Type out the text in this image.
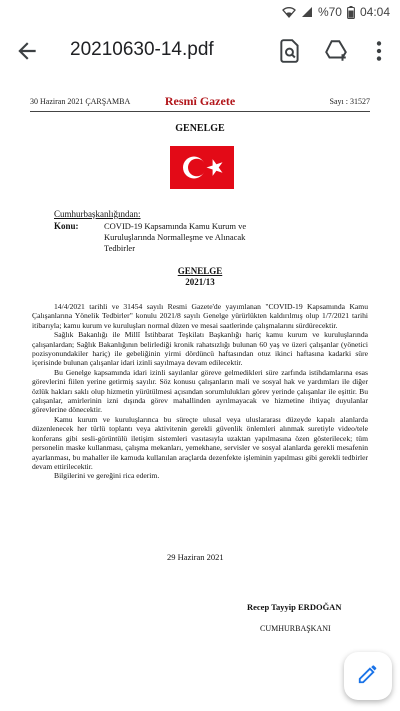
%70 04:04
20210630-14.pdf
30 Haziran 2021 ÇARŞAMBA	Resmî Gazete	Sayı : 31527
GENELGE
Cumhurbaşkanlığından:
Konu:	COVID-19 Kapsamında Kamu Kurum ve Kuruluşlarında Normalleşme ve Alınacak Tedbirler
GENELGE
2021/13

14/4/2021 tarihli ve 31454 sayılı Resmi Gazete'de yayımlanan "COVID-19 Kapsamında Kamu Çalışanlarına Yönelik Tedbirler" konulu 2021/8 sayılı Genelge yürürlükten kaldırılmış olup 1/7/2021 tarihi itibarıyla; kamu kurum ve kuruluşları normal düzen ve mesai saatlerinde çalışmalarını sürdürecektir.

Sağlık Bakanlığı ile Millî İstihbarat Teşkilatı Başkanlığı hariç kamu kurum ve kuruluşlarında çalışanlardan; Sağlık Bakanlığının belirlediği kronik rahatsızlığı bulunan 60 yaş ve üzeri çalışanlar (yönetici pozisyonundakiler hariç) ile gebeliğinin yirmi dördüncü haftasından otuz ikinci haftasına kadarki süre içerisinde bulunan çalışanlar idari izinli sayılmaya devam edilecektir.

Bu Genelge kapsamında idari izinli sayılanlar göreve gelmedikleri süre zarfında istihdamlarına esas görevlerini fiilen yerine getirmiş sayılır. Söz konusu çalışanların mali ve sosyal hak ve yardımları ile diğer özlük hakları saklı olup hizmetin yürütülmesi açısından sorumlulukları görev yerinde çalışanlar ile eşittir. Bu çalışanlar, amirlerinin izni dışında görev mahallinden ayrılmayacak ve hizmetine ihtiyaç duyulanlar görevlerine dönecektir.

Kamu kurum ve kuruluşlarınca bu süreçte ulusal veya uluslararası düzeyde kapalı alanlarda düzenlenecek her türlü toplantı veya aktivitenin gerekli güvenlik önlemleri alınmak suretiyle video/tele konferans gibi sesli-görüntülü iletişim sistemleri vasıtasıyla uzaktan yapılmasına özen gösterilecek; tüm personelin maske kullanması, çalışma mekanları, yemekhane, servisler ve sosyal alanlarda gerekli mesafenin ayarlanması, bu mahaller ile kamuda kullanılan araçlarda dezenfekte işleminin yapılması gibi gerekli tedbirler devam ettirilecektir.

Bilgilerini ve gereğini rica ederim.

29 Haziran 2021
Recep Tayyip ERDOĞAN
CUMHURBAŞKANI
